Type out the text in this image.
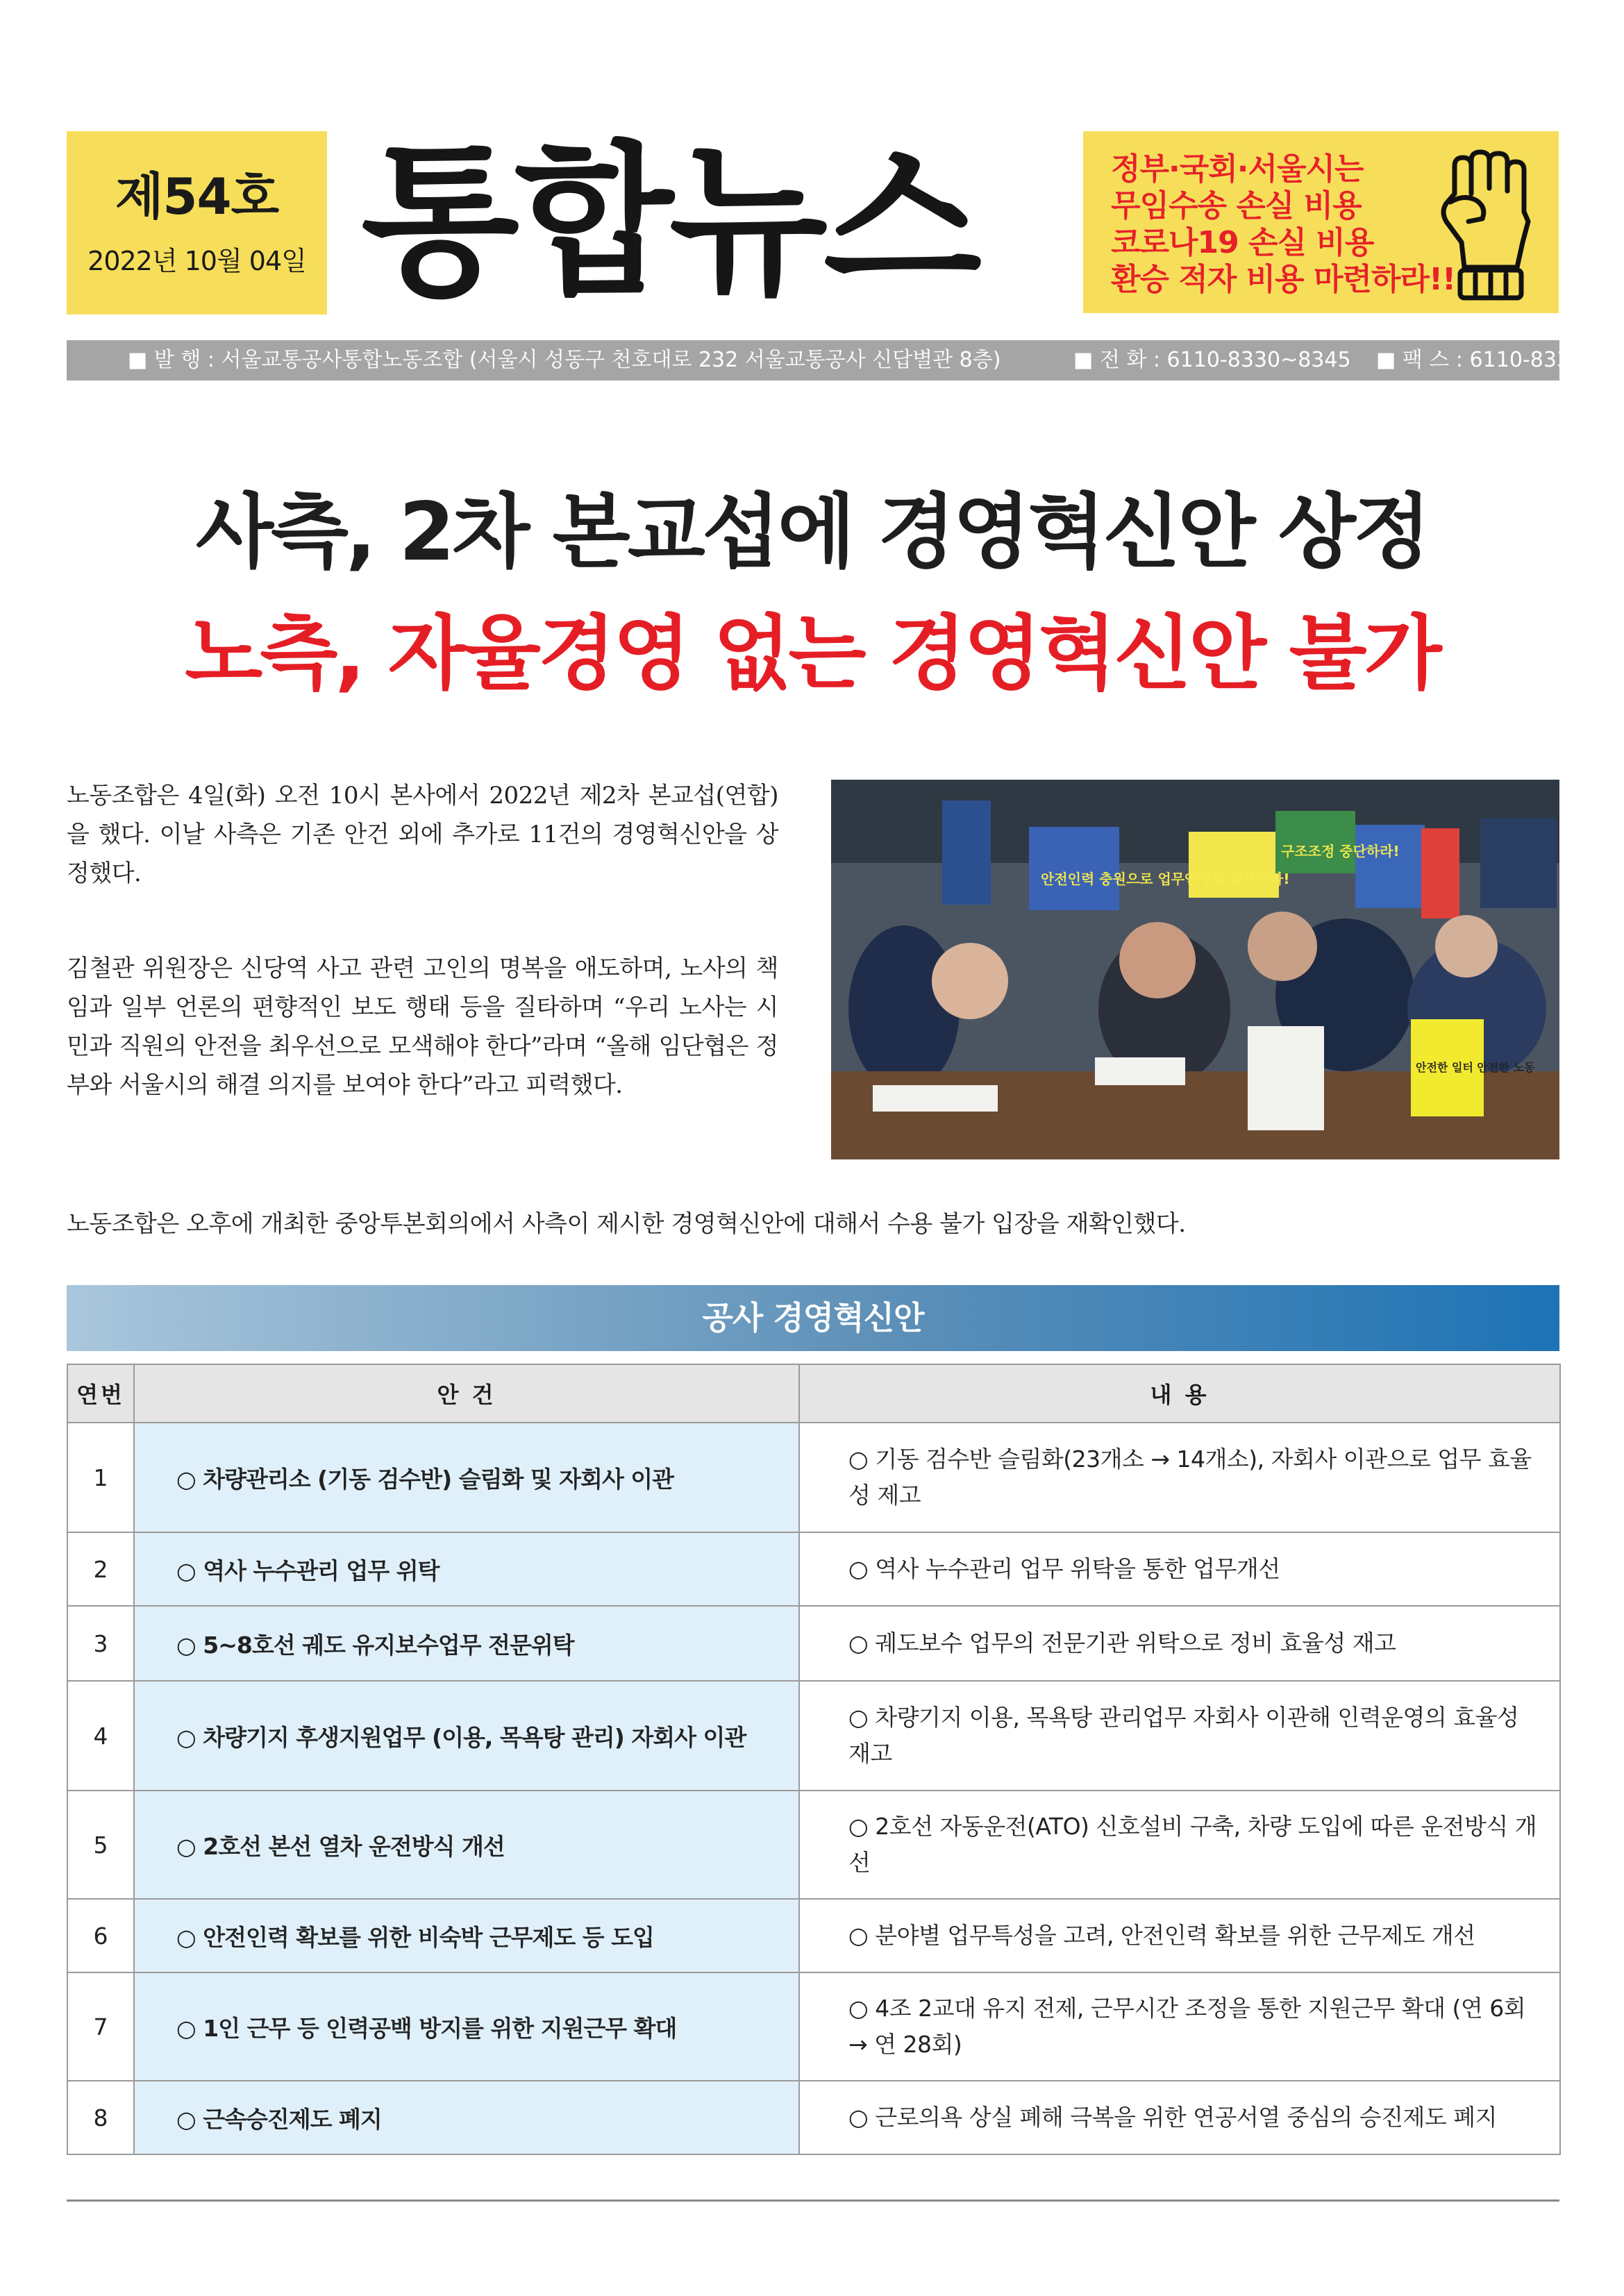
제54호
2022년 10월 04일 통합뉴스	정부·국회·서울시는
무임수송 손실 비용
코로나19 손실 비용
환승 적자 비용 마련하라!!
■ 발 행 : 서울교통공사통합노동조합 (서울시 성동구 천호대로 232 서울교통공사 신답별관 8층)	■ 전 화 : 6110-8330~8345 ■ 팩 스 : 6110-8339
사측, 2차 본교섭에 경영혁신안 상정
노측, 자율경영 없는 경영혁신안 불가

노동조합은 4일(화) 오전 10시 본사에서 2022년 제2차 본교섭(연합)을 했다. 이날 사측은 기존 안건 외에 추가로 11건의 경영혁신안을 상정했다.

김철관 위원장은 신당역 사고 관련 고인의 명복을 애도하며, 노사의 책임과 일부 언론의 편향적인 보도 행태 등을 질타하며 “우리 노사는 시민과 직원의 안전을 최우선으로 모색해야 한다”라며 “올해 임단협은 정부와 서울시의 해결 의지를 보여야 한다”라고 피력했다.

안전인력 충원으로 업무안정성 확보하라!
구조조정 중단하라!
안전한 일터 안전한 노동

노동조합은 오후에 개최한 중앙투본회의에서 사측이 제시한 경영혁신안에 대해서 수용 불가 입장을 재확인했다.

공사 경영혁신안
연번	안 건	내 용
1	○ 차량관리소 (기동 검수반) 슬림화 및 자회사 이관	○ 기동 검수반 슬림화(23개소 → 14개소), 자회사 이관으로 업무 효율성 제고
2	○ 역사 누수관리 업무 위탁	○ 역사 누수관리 업무 위탁을 통한 업무개선
3	○ 5~8호선 궤도 유지보수업무 전문위탁	○ 궤도보수 업무의 전문기관 위탁으로 정비 효율성 재고
4	○ 차량기지 후생지원업무 (이용, 목욕탕 관리) 자회사 이관	○ 차량기지 이용, 목욕탕 관리업무 자회사 이관해 인력운영의 효율성 재고
5	○ 2호선 본선 열차 운전방식 개선	○ 2호선 자동운전(ATO) 신호설비 구축, 차량 도입에 따른 운전방식 개선
6	○ 안전인력 확보를 위한 비숙박 근무제도 등 도입	○ 분야별 업무특성을 고려, 안전인력 확보를 위한 근무제도 개선
7	○ 1인 근무 등 인력공백 방지를 위한 지원근무 확대	○ 4조 2교대 유지 전제, 근무시간 조정을 통한 지원근무 확대 (연 6회 → 연 28회)
8	○ 근속승진제도 폐지	○ 근로의욕 상실 폐해 극복을 위한 연공서열 중심의 승진제도 폐지
